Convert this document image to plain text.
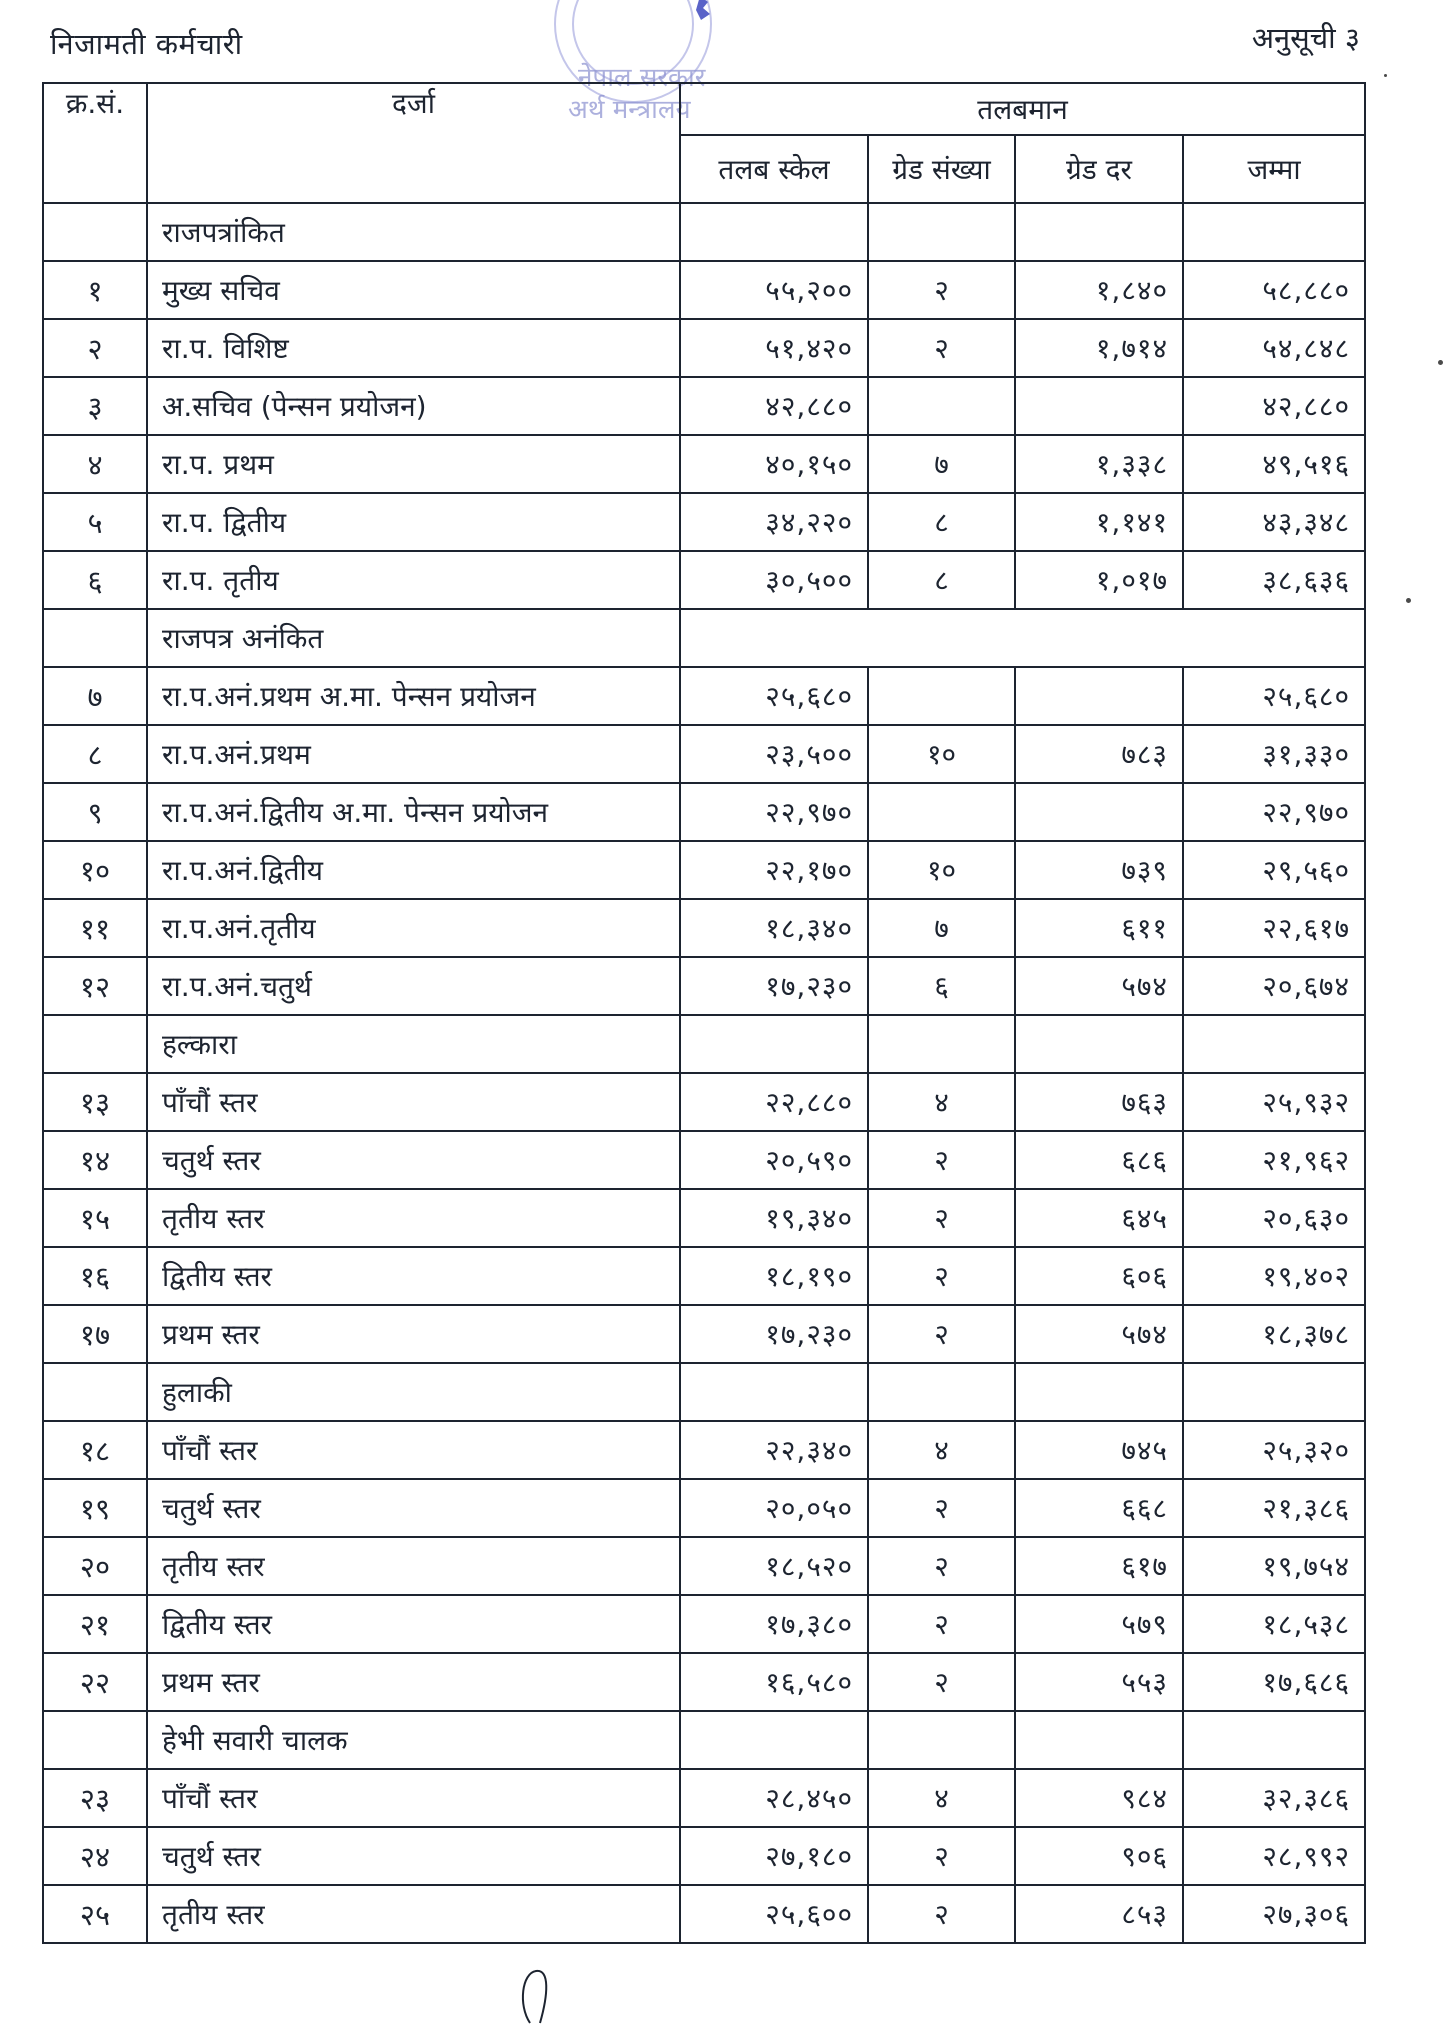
निजामती कर्मचारी	अनुसूची ३
नेपाल सरकार
अर्थ मन्त्रालय
क्र.सं.	दर्जा	तलबमान			
		तलब स्केल	ग्रेड संख्या	ग्रेड दर	जम्मा
	राजपत्रांकित				
१	मुख्य सचिव	५५,२००	२	१,८४०	५८,८८०
२	रा.प. विशिष्ट	५१,४२०	२	१,७१४	५४,८४८
३	अ.सचिव (पेन्सन प्रयोजन)	४२,८८०			४२,८८०
४	रा.प. प्रथम	४०,१५०	७	१,३३८	४९,५१६
५	रा.प. द्वितीय	३४,२२०	८	१,१४१	४३,३४८
६	रा.प. तृतीय	३०,५००	८	१,०१७	३८,६३६
	राजपत्र अनंकित				
७	रा.प.अनं.प्रथम अ.मा. पेन्सन प्रयोजन	२५,६८०			२५,६८०
८	रा.प.अनं.प्रथम	२३,५००	१०	७८३	३१,३३०
९	रा.प.अनं.द्वितीय अ.मा. पेन्सन प्रयोजन	२२,९७०			२२,९७०
१०	रा.प.अनं.द्वितीय	२२,१७०	१०	७३९	२९,५६०
११	रा.प.अनं.तृतीय	१८,३४०	७	६११	२२,६१७
१२	रा.प.अनं.चतुर्थ	१७,२३०	६	५७४	२०,६७४
	हल्कारा				
१३	पाँचौं स्तर	२२,८८०	४	७६३	२५,९३२
१४	चतुर्थ स्तर	२०,५९०	२	६८६	२१,९६२
१५	तृतीय स्तर	१९,३४०	२	६४५	२०,६३०
१६	द्वितीय स्तर	१८,१९०	२	६०६	१९,४०२
१७	प्रथम स्तर	१७,२३०	२	५७४	१८,३७८
	हुलाकी				
१८	पाँचौं स्तर	२२,३४०	४	७४५	२५,३२०
१९	चतुर्थ स्तर	२०,०५०	२	६६८	२१,३८६
२०	तृतीय स्तर	१८,५२०	२	६१७	१९,७५४
२१	द्वितीय स्तर	१७,३८०	२	५७९	१८,५३८
२२	प्रथम स्तर	१६,५८०	२	५५३	१७,६८६
	हेभी सवारी चालक				
२३	पाँचौं स्तर	२८,४५०	४	९८४	३२,३८६
२४	चतुर्थ स्तर	२७,१८०	२	९०६	२८,९९२
२५	तृतीय स्तर	२५,६००	२	८५३	२७,३०६
